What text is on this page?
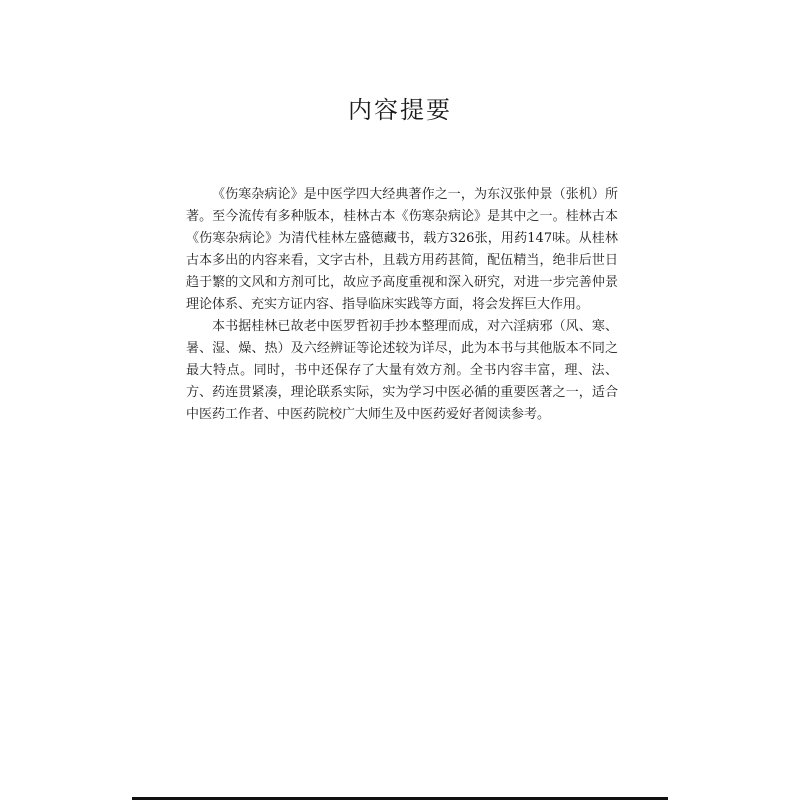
内容提要

《伤寒杂病论》是中医学四大经典著作之一，为东汉张仲景（张机）所著。至今流传有多种版本，桂林古本《伤寒杂病论》是其中之一。桂林古本《伤寒杂病论》为清代桂林左盛德藏书，载方326张，用药147味。从桂林古本多出的内容来看，文字古朴，且载方用药甚简，配伍精当，绝非后世日趋于繁的文风和方剂可比，故应予高度重视和深入研究，对进一步完善仲景理论体系、充实方证内容、指导临床实践等方面，将会发挥巨大作用。

本书据桂林已故老中医罗哲初手抄本整理而成，对六淫病邪（风、寒、暑、湿、燥、热）及六经辨证等论述较为详尽，此为本书与其他版本不同之最大特点。同时，书中还保存了大量有效方剂。全书内容丰富，理、法、方、药连贯紧凑，理论联系实际，实为学习中医必循的重要医著之一，适合中医药工作者、中医药院校广大师生及中医药爱好者阅读参考。
